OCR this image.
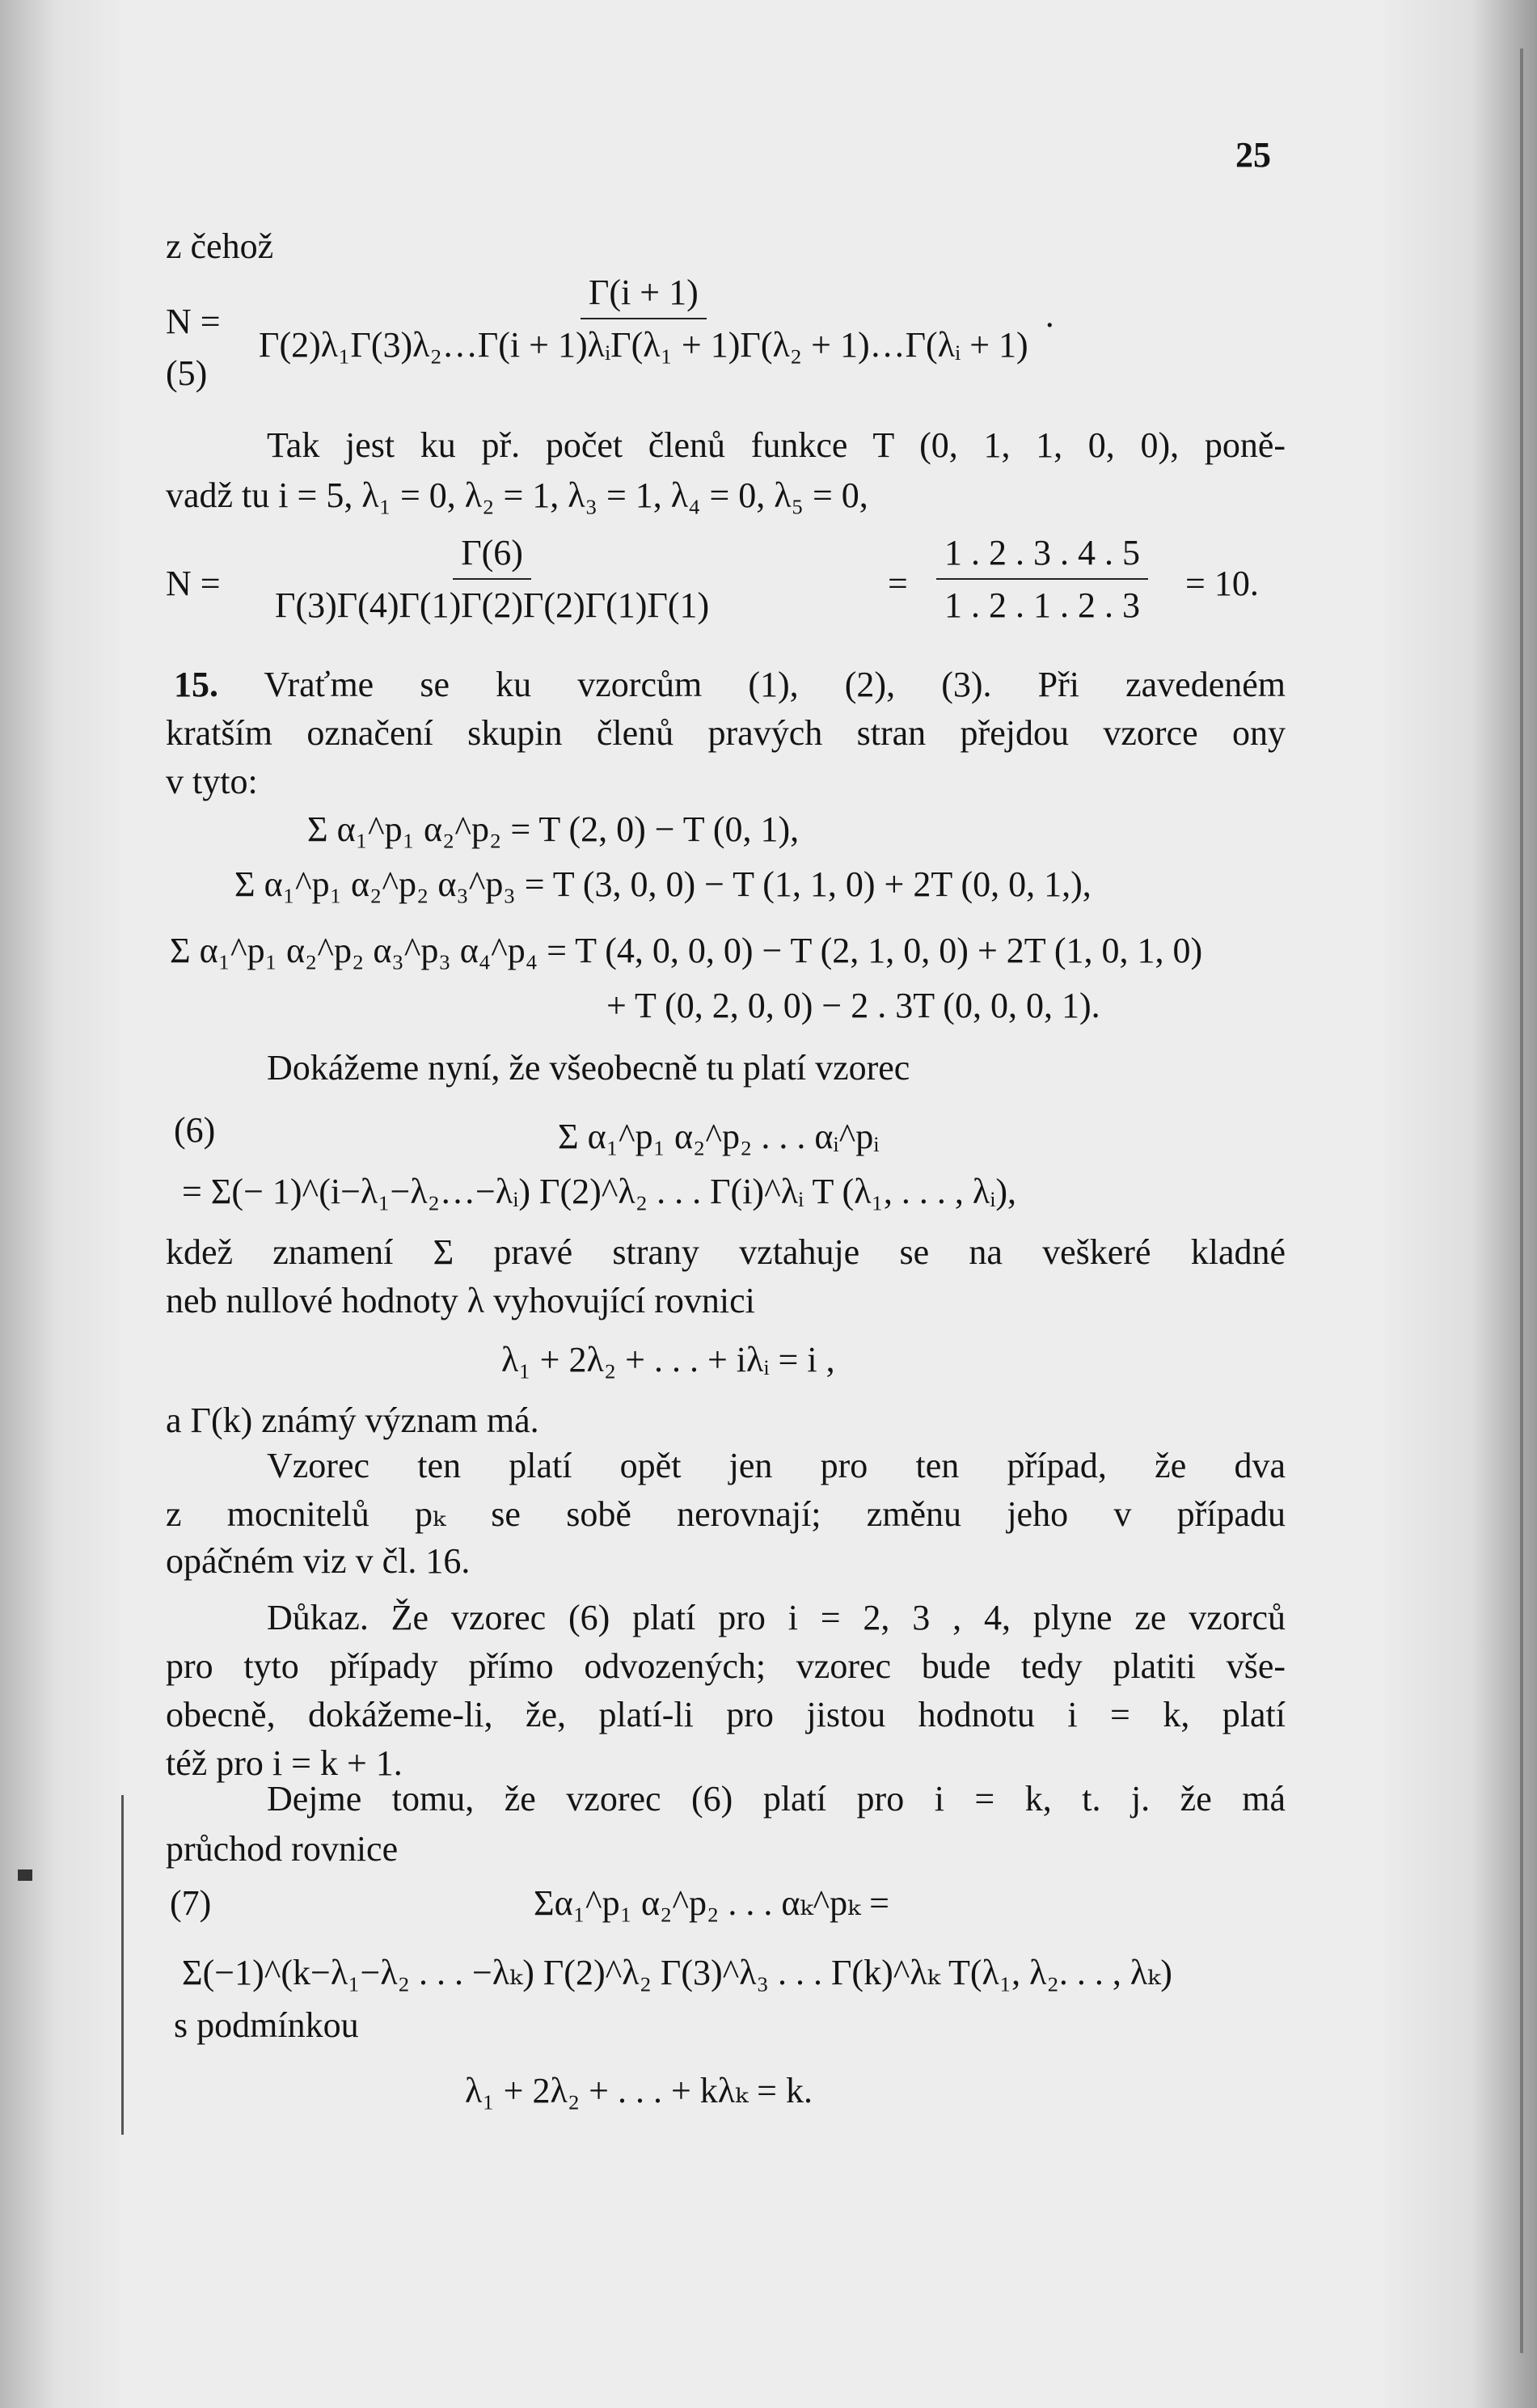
25
z čehož
N =
(5)
$\frac{\Gamma(i + 1)}{\text{Γ(2)λ₁Γ(3)λ₂…Γ(i + 1)λᵢΓ(λ₁ + 1)Γ(λ₂ + 1)…Γ(λᵢ + 1)}}$ .
Tak jest ku př. počet členů funkce T (0, 1, 1, 0, 0), poně-
vadž tu i = 5, λ₁ = 0, λ₂ = 1, λ₃ = 1, λ₄ = 0, λ₅ = 0,
$N = \frac{\Gamma(6)}{\Gamma(3)\Gamma(4)\Gamma(1)\Gamma(2)\Gamma(2)\Gamma(1)\Gamma(1)}$	= $\frac{1 . 2 . 3 . 4 . 5}{1 . 2 . 1 . 2 . 3} = 10$.
15. Vraťme se ku vzorcům (1), (2), (3). Při zavedeném
kratším označení skupin členů pravých stran přejdou vzorce ony
v tyto:
Σ α₁^p₁ α₂^p₂ = T (2, 0) − T (0, 1),
Σ α₁^p₁ α₂^p₂ α₃^p₃ = T (3, 0, 0) − T (1, 1, 0) + 2T (0, 0, 1,),
Σ α₁^p₁ α₂^p₂ α₃^p₃ α₄^p₄ = T (4, 0, 0, 0) − T (2, 1, 0, 0) + 2T (1, 0, 1, 0)
+ T (0, 2, 0, 0) − 2 . 3T (0, 0, 0, 1).
Dokážeme nyní, že všeobecně tu platí vzorec
(6)	Σ α₁^p₁ α₂^p₂ . . . αᵢ^pᵢ
= Σ(− 1)^(i−λ₁−λ₂…−λᵢ) Γ(2)^λ₂ . . . Γ(i)^λᵢ T (λ₁, . . . , λᵢ),
kdež znamení Σ pravé strany vztahuje se na veškeré kladné
neb nullové hodnoty λ vyhovující rovnici
λ₁ + 2λ₂ + . . . + iλᵢ = i ,
a Γ(k) známý význam má.
Vzorec ten platí opět jen pro ten případ, že dva
z mocnitelů pₖ se sobě nerovnají; změnu jeho v případu
opáčném viz v čl. 16.
Důkaz. Že vzorec (6) platí pro i = 2, 3 , 4, plyne ze vzorců
pro tyto případy přímo odvozených; vzorec bude tedy platiti vše-
obecně, dokážeme-li, že, platí-li pro jistou hodnotu i = k, platí
též pro i = k + 1.
Dejme tomu, že vzorec (6) platí pro i = k, t. j. že má
průchod rovnice
(7)	Σα₁^p₁ α₂^p₂ . . . αₖ^pₖ =
Σ(−1)^(k−λ₁−λ₂ . . . −λₖ) Γ(2)^λ₂ Γ(3)^λ₃ . . . Γ(k)^λₖ T(λ₁, λ₂. . . , λₖ)
s podmínkou
λ₁ + 2λ₂ + . . . + kλₖ = k.
